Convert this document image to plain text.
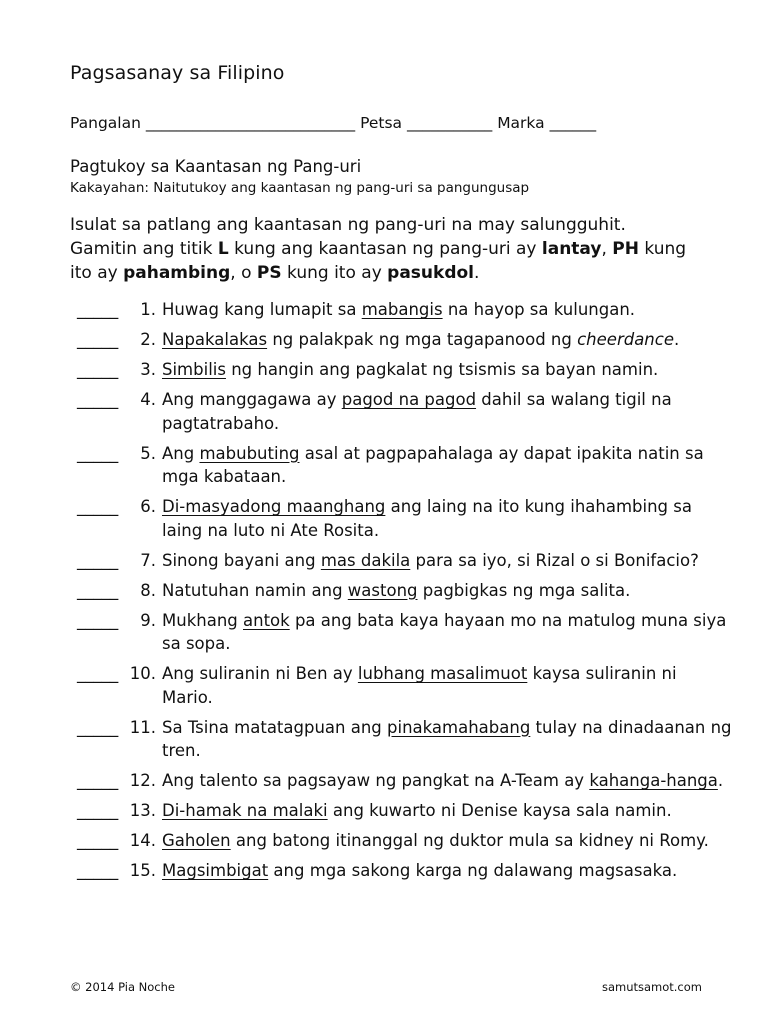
Pagsasanay sa Filipino
Pangalan ___________________________ Petsa ___________ Marka ______
Pagtukoy sa Kaantasan ng Pang-uri
Kakayahan: Naitutukoy ang kaantasan ng pang-uri sa pangungusap
Isulat sa patlang ang kaantasan ng pang-uri na may salungguhit.
Gamitin ang titik L kung ang kaantasan ng pang-uri ay lantay, PH kung
ito ay pahambing, o PS kung ito ay pasukdol.
_____	1. Huwag kang lumapit sa mabangis na hayop sa kulungan.
_____	2. Napakalakas ng palakpak ng mga tagapanood ng cheerdance.
_____	3. Simbilis ng hangin ang pagkalat ng tsismis sa bayan namin.
_____	4. Ang manggagawa ay pagod na pagod dahil sa walang tigil na pagtatrabaho.
_____	5. Ang mabubuting asal at pagpapahalaga ay dapat ipakita natin sa mga kabataan.
_____	6. Di-masyadong maanghang ang laing na ito kung ihahambing sa laing na luto ni Ate Rosita.
_____	7. Sinong bayani ang mas dakila para sa iyo, si Rizal o si Bonifacio?
_____	8. Natutuhan namin ang wastong pagbigkas ng mga salita.
_____	9. Mukhang antok pa ang bata kaya hayaan mo na matulog muna siya sa sopa.
_____ 10. Ang suliranin ni Ben ay lubhang masalimuot kaysa suliranin ni Mario.
_____ 11. Sa Tsina matatagpuan ang pinakamahabang tulay na dinadaanan ng tren.
_____ 12. Ang talento sa pagsayaw ng pangkat na A-Team ay kahanga-hanga.
_____ 13. Di-hamak na malaki ang kuwarto ni Denise kaysa sala namin.
_____ 14. Gaholen ang batong itinanggal ng duktor mula sa kidney ni Romy.
_____ 15. Magsimbigat ang mga sakong karga ng dalawang magsasaka.
© 2014 Pia Noche	samutsamot.com
